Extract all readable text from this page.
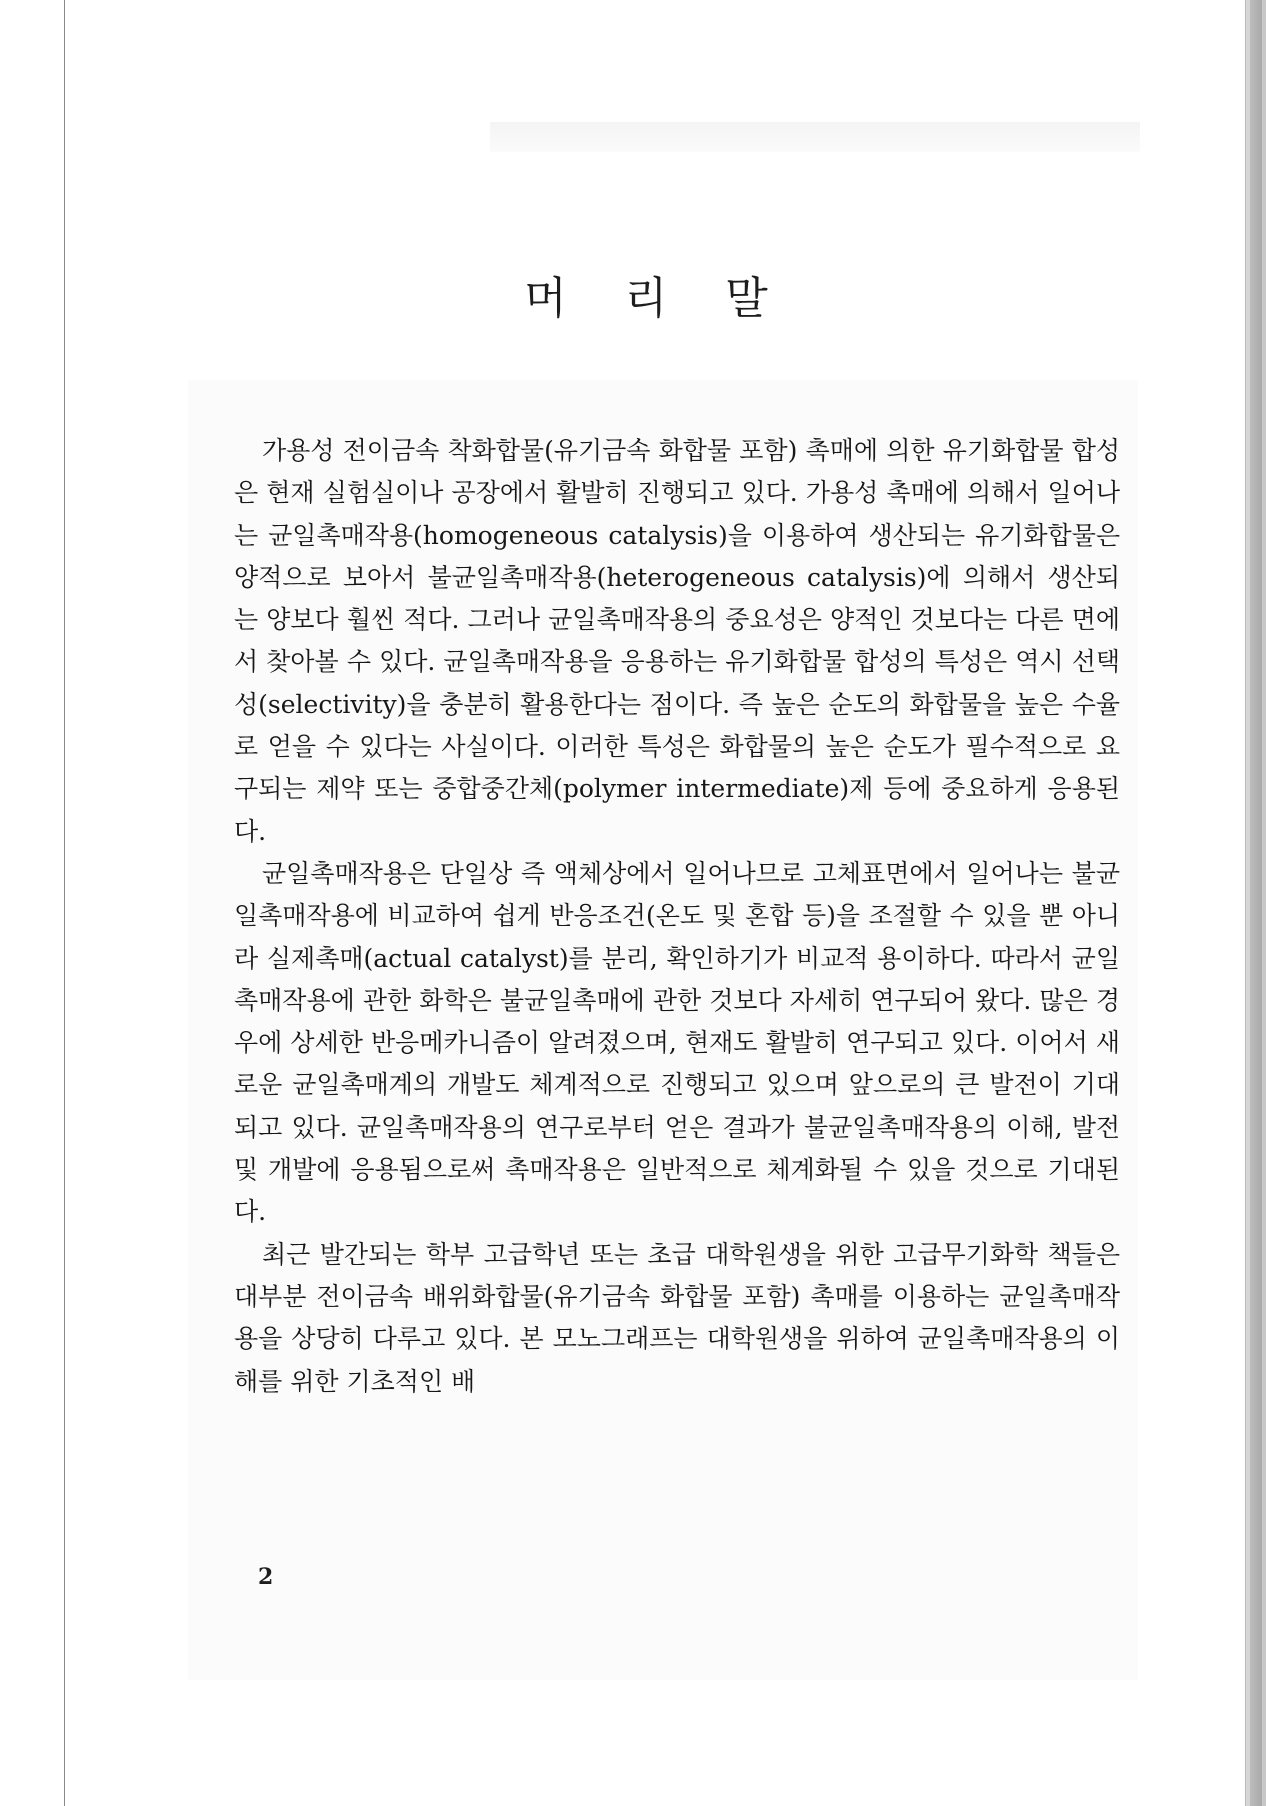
머 리 말

가용성 전이금속 착화합물(유기금속 화합물 포함) 촉매에 의한 유기화합물 합성은 현재 실험실이나 공장에서 활발히 진행되고 있다. 가용성 촉매에 의해서 일어나는 균일촉매작용(homogeneous catalysis)을 이용하여 생산되는 유기화합물은 양적으로 보아서 불균일촉매작용(heterogeneous catalysis)에 의해서 생산되는 양보다 훨씬 적다. 그러나 균일촉매작용의 중요성은 양적인 것보다는 다른 면에서 찾아볼 수 있다. 균일촉매작용을 응용하는 유기화합물 합성의 특성은 역시 선택성(selectivity)을 충분히 활용한다는 점이다. 즉 높은 순도의 화합물을 높은 수율로 얻을 수 있다는 사실이다. 이러한 특성은 화합물의 높은 순도가 필수적으로 요구되는 제약 또는 중합중간체(polymer intermediate)제 등에 중요하게 응용된다.

균일촉매작용은 단일상 즉 액체상에서 일어나므로 고체표면에서 일어나는 불균일촉매작용에 비교하여 쉽게 반응조건(온도 및 혼합 등)을 조절할 수 있을 뿐 아니라 실제촉매(actual catalyst)를 분리, 확인하기가 비교적 용이하다. 따라서 균일촉매작용에 관한 화학은 불균일촉매에 관한 것보다 자세히 연구되어 왔다. 많은 경우에 상세한 반응메카니즘이 알려졌으며, 현재도 활발히 연구되고 있다. 이어서 새로운 균일촉매계의 개발도 체계적으로 진행되고 있으며 앞으로의 큰 발전이 기대되고 있다. 균일촉매작용의 연구로부터 얻은 결과가 불균일촉매작용의 이해, 발전 및 개발에 응용됨으로써 촉매작용은 일반적으로 체계화될 수 있을 것으로 기대된다.

최근 발간되는 학부 고급학년 또는 초급 대학원생을 위한 고급무기화학 책들은 대부분 전이금속 배위화합물(유기금속 화합물 포함) 촉매를 이용하는 균일촉매작용을 상당히 다루고 있다. 본 모노그래프는 대학원생을 위하여 균일촉매작용의 이해를 위한 기초적인 배

2
